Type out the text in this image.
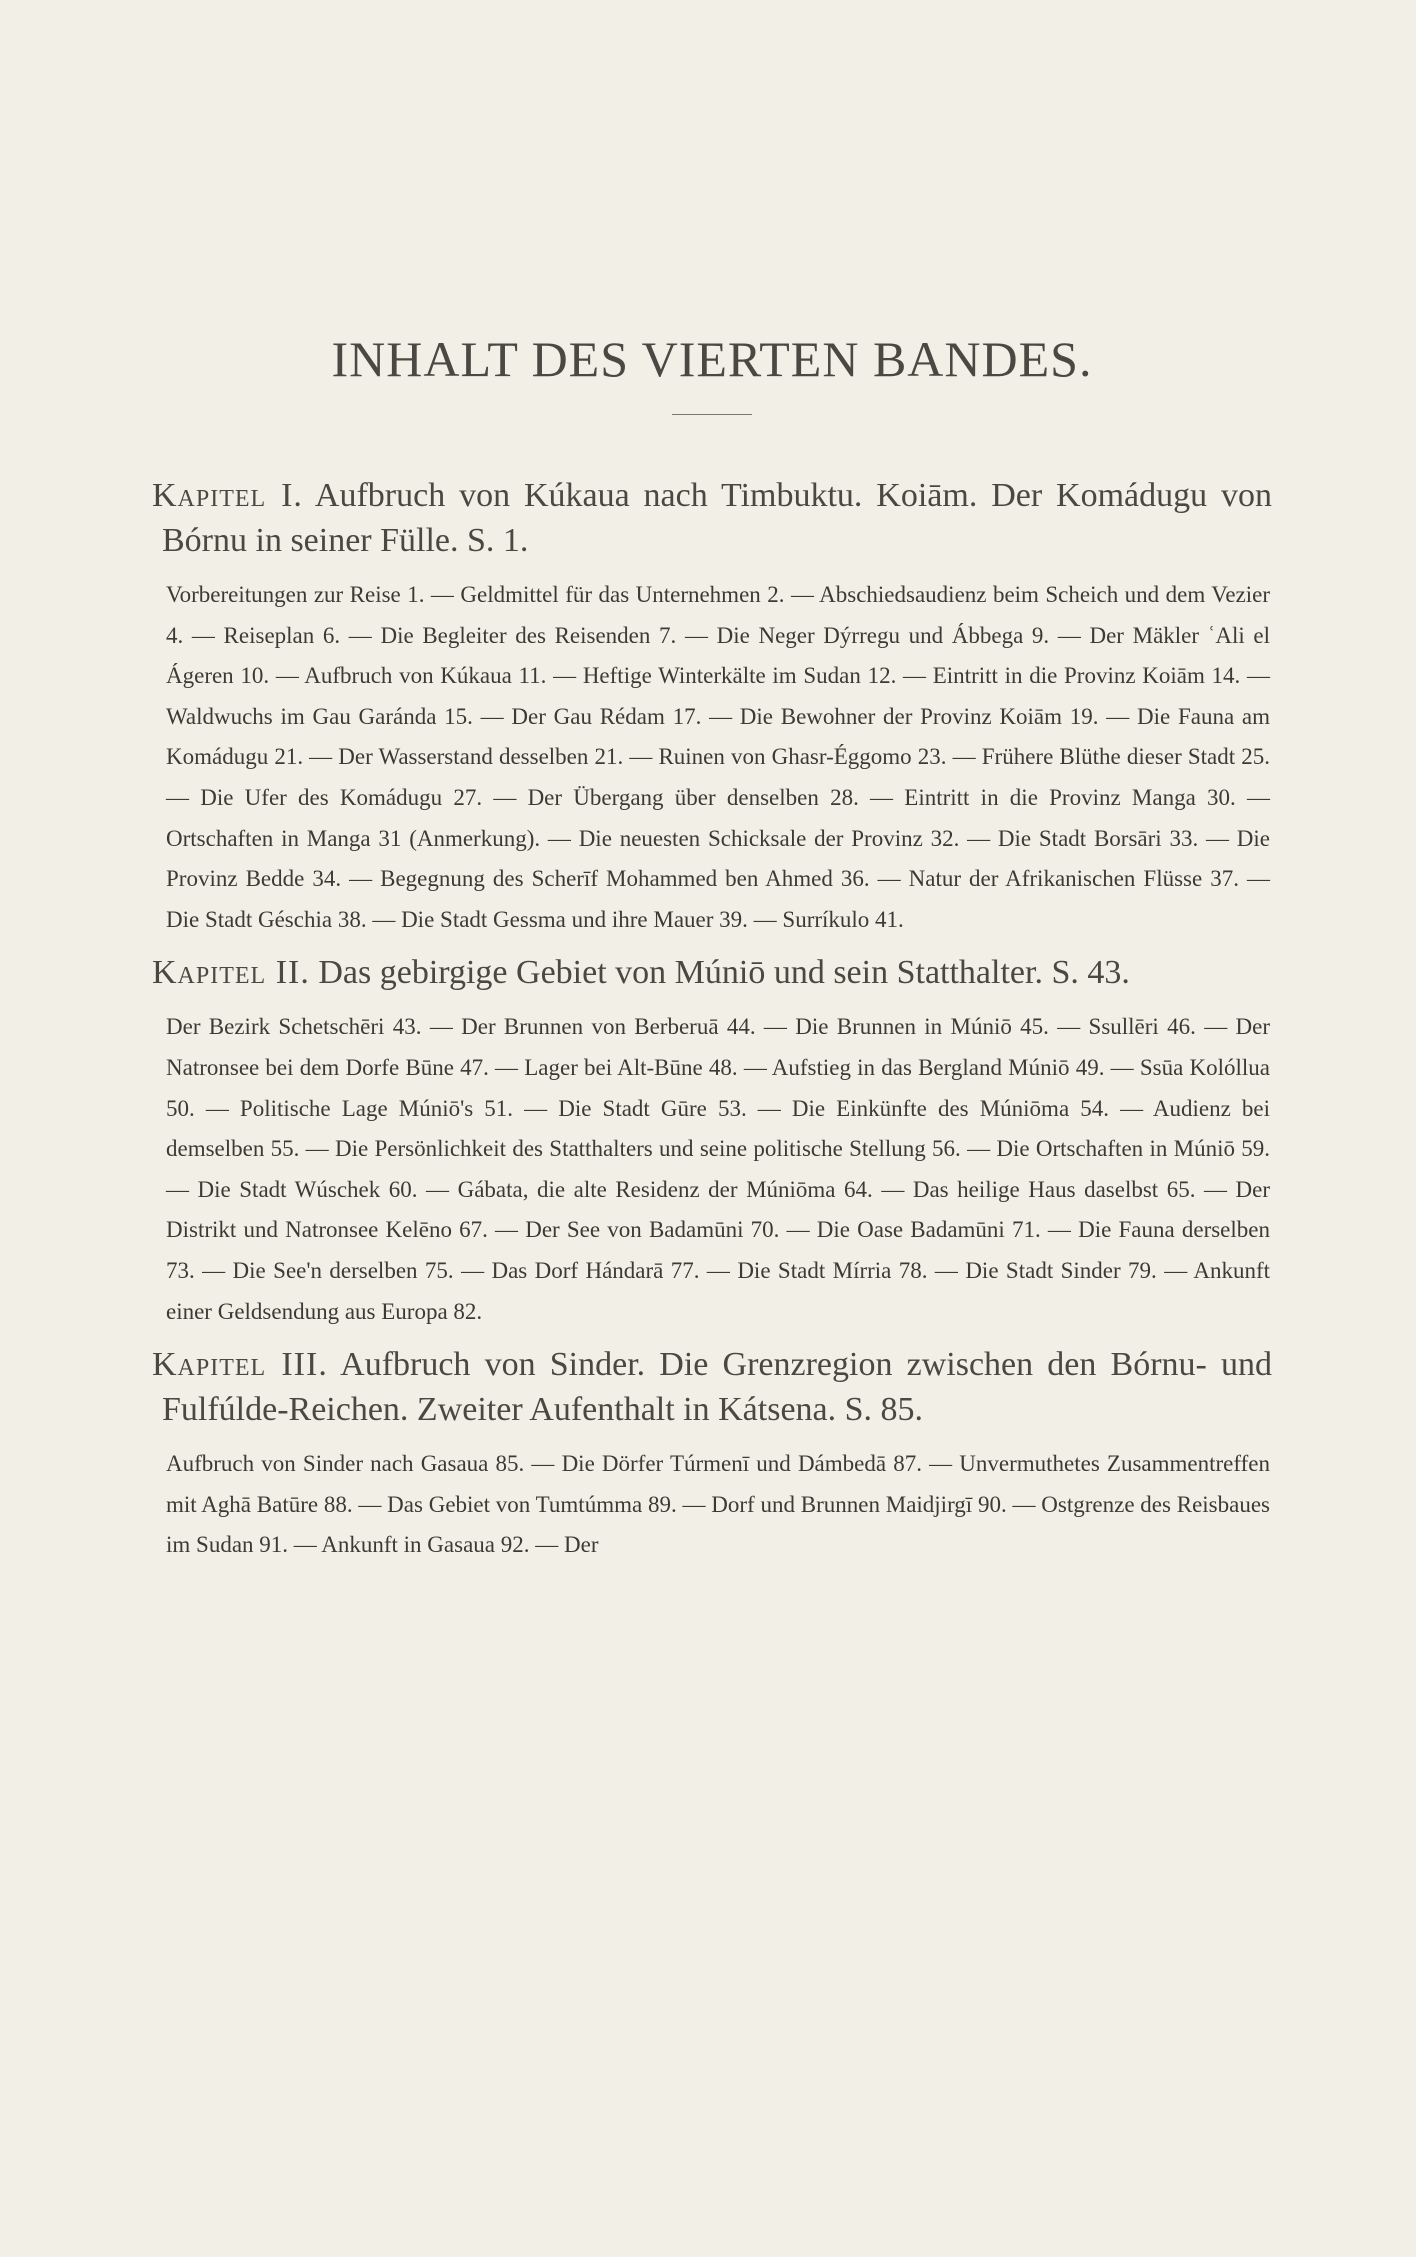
INHALT DES VIERTEN BANDES.

Kapitel I. Aufbruch von Kúkaua nach Timbuktu. Koiām. Der Komádugu von Bórnu in seiner Fülle. S. 1.

Vorbereitungen zur Reise 1. — Geldmittel für das Unternehmen 2. — Abschiedsaudienz beim Scheich und dem Vezier 4. — Reiseplan 6. — Die Begleiter des Reisenden 7. — Die Neger Dýrregu und Ábbega 9. — Der Mäkler ʿAli el Ágeren 10. — Aufbruch von Kúkaua 11. — Heftige Winterkälte im Sudan 12. — Eintritt in die Provinz Koiām 14. — Waldwuchs im Gau Garánda 15. — Der Gau Rédam 17. — Die Bewohner der Provinz Koiām 19. — Die Fauna am Komádugu 21. — Der Wasserstand desselben 21. — Ruinen von Ghasr-Éggomo 23. — Frühere Blüthe dieser Stadt 25. — Die Ufer des Komádugu 27. — Der Übergang über denselben 28. — Eintritt in die Provinz Manga 30. — Ortschaften in Manga 31 (Anmerkung). — Die neuesten Schicksale der Provinz 32. — Die Stadt Borsāri 33. — Die Provinz Bedde 34. — Begegnung des Scherīf Mohammed ben Ahmed 36. — Natur der Afrikanischen Flüsse 37. — Die Stadt Géschia 38. — Die Stadt Gessma und ihre Mauer 39. — Surríkulo 41.

Kapitel II. Das gebirgige Gebiet von Múniō und sein Statthalter. S. 43.

Der Bezirk Schetschēri 43. — Der Brunnen von Berberuā 44. — Die Brunnen in Múniō 45. — Ssullēri 46. — Der Natronsee bei dem Dorfe Būne 47. — Lager bei Alt-Būne 48. — Aufstieg in das Bergland Múniō 49. — Ssūa Kolóllua 50. — Politische Lage Múniō's 51. — Die Stadt Gūre 53. — Die Einkünfte des Múniōma 54. — Audienz bei demselben 55. — Die Persönlichkeit des Statthalters und seine politische Stellung 56. — Die Ortschaften in Múniō 59. — Die Stadt Wúschek 60. — Gábata, die alte Residenz der Múniōma 64. — Das heilige Haus daselbst 65. — Der Distrikt und Natronsee Kelēno 67. — Der See von Badamūni 70. — Die Oase Badamūni 71. — Die Fauna derselben 73. — Die See'n derselben 75. — Das Dorf Hándarā 77. — Die Stadt Mírria 78. — Die Stadt Sinder 79. — Ankunft einer Geldsendung aus Europa 82.

Kapitel III. Aufbruch von Sinder. Die Grenzregion zwischen den Bórnu- und Fulfúlde-Reichen. Zweiter Aufenthalt in Kátsena. S. 85.

Aufbruch von Sinder nach Gasaua 85. — Die Dörfer Túrmenī und Dámbedā 87. — Unvermuthetes Zusammentreffen mit Aghā Batūre 88. — Das Gebiet von Tumtúmma 89. — Dorf und Brunnen Maidjirgī 90. — Ostgrenze des Reisbaues im Sudan 91. — Ankunft in Gasaua 92. — Der
